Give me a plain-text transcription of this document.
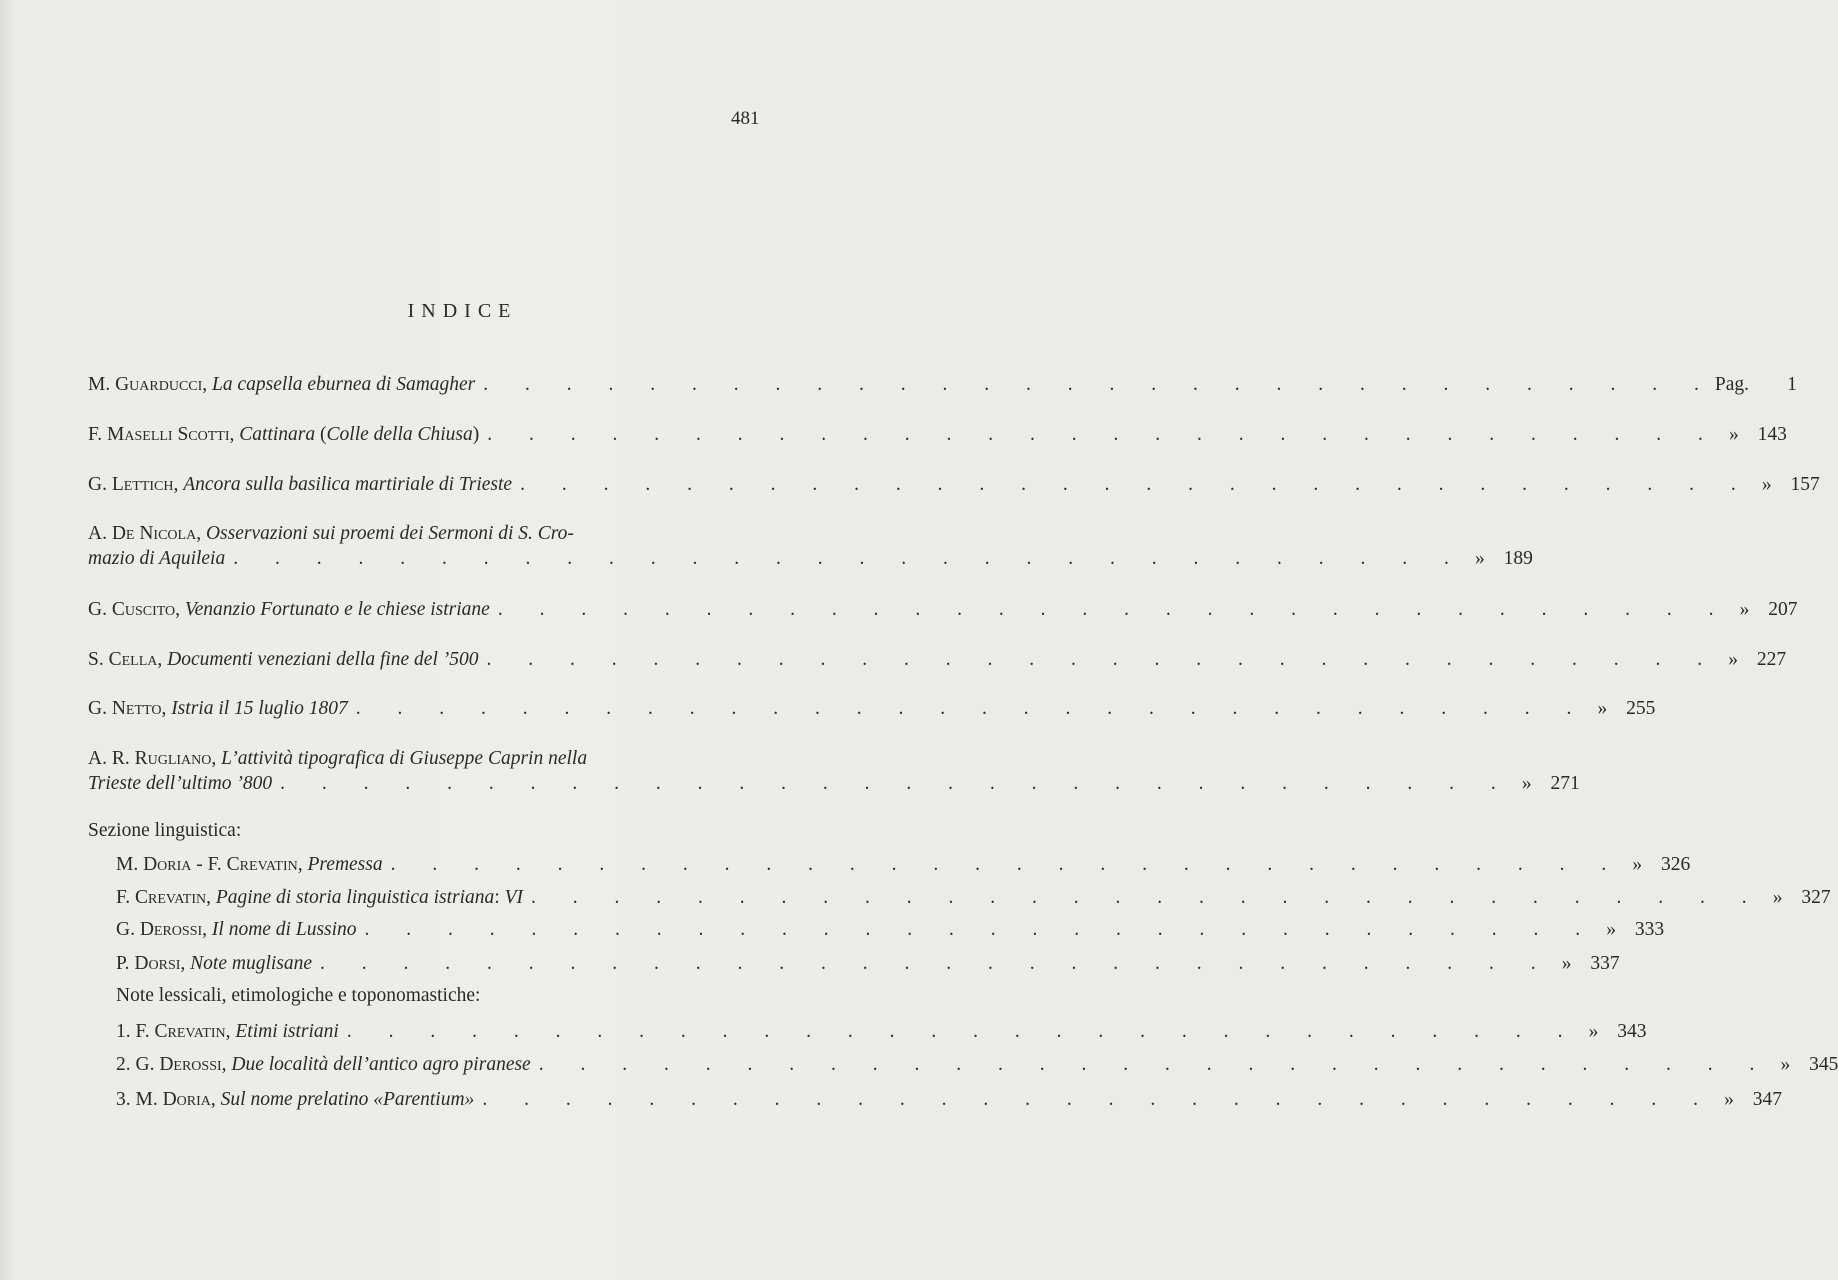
481
INDICE
M. Guarducci, La capsella eburnea di Samagher . . . . . . . . . . . . . . . . . . . . . . . . . . . . . . Pag.	1
F. Maselli Scotti, Cattinara (Colle della Chiusa) . . . . . . . . . . . . . . . . . . . . . . . . . . . . . . » 143
G. Lettich, Ancora sulla basilica martiriale di Trieste . . . . . . . . . . . . . . . . . . . . . . . . . . . . . . » 157
A. De Nicola, Osservazioni sui proemi dei Sermoni di S. Cro-
mazio di Aquileia . . . . . . . . . . . . . . . . . . . . . . . . . . . . . . » 189
G. Cuscito, Venanzio Fortunato e le chiese istriane . . . . . . . . . . . . . . . . . . . . . . . . . . . . . . » 207
S. Cella, Documenti veneziani della fine del ’500 . . . . . . . . . . . . . . . . . . . . . . . . . . . . . . » 227
G. Netto, Istria il 15 luglio 1807 . . . . . . . . . . . . . . . . . . . . . . . . . . . . . . » 255
A. R. Rugliano, L’attività tipografica di Giuseppe Caprin nella
Trieste dell’ultimo ’800 . . . . . . . . . . . . . . . . . . . . . . . . . . . . . . » 271
Sezione linguistica:
M. Doria - F. Crevatin, Premessa . . . . . . . . . . . . . . . . . . . . . . . . . . . . . . » 326
F. Crevatin, Pagine di storia linguistica istriana: VI . . . . . . . . . . . . . . . . . . . . . . . . . . . . . . » 327
G. Derossi, Il nome di Lussino . . . . . . . . . . . . . . . . . . . . . . . . . . . . . . » 333
P. Dorsi, Note muglisane . . . . . . . . . . . . . . . . . . . . . . . . . . . . . . » 337
Note lessicali, etimologiche e toponomastiche:
1. F. Crevatin, Etimi istriani . . . . . . . . . . . . . . . . . . . . . . . . . . . . . . » 343
2. G. Derossi, Due località dell’antico agro piranese . . . . . . . . . . . . . . . . . . . . . . . . . . . . . . » 345
3. M. Doria, Sul nome prelatino «Parentium» . . . . . . . . . . . . . . . . . . . . . . . . . . . . . . » 347
